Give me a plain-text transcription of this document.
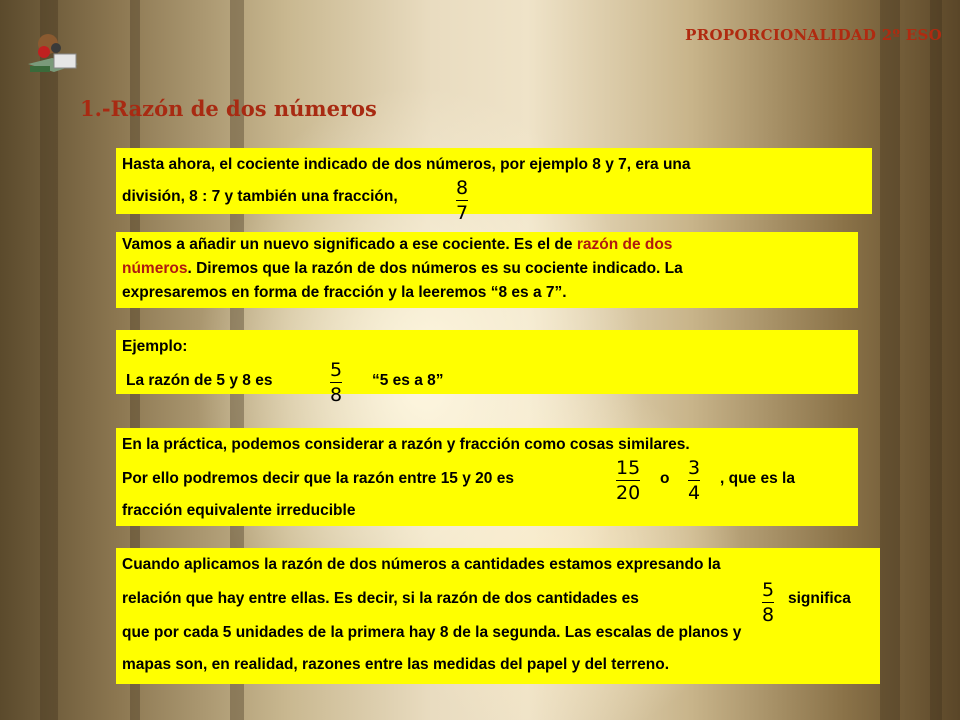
PROPORCIONALIDAD 2º ESO
1.-Razón de dos números
Hasta ahora, el cociente indicado de dos números, por ejemplo 8 y 7, era una
división, 8 : 7 y también una fracción,	8
7
Vamos a añadir un nuevo significado a ese cociente. Es el de razón de dos
números. Diremos que la razón de dos números es su cociente indicado. La
expresaremos en forma de fracción y la leeremos “8 es a 7”.
Ejemplo:
La razón de 5 y 8 es	5
8
“5 es a 8”
En la práctica, podemos considerar a razón y fracción como cosas similares.
Por ello podremos decir que la razón entre 15 y 20 es	15
20
o 3
4
, que es la
fracción equivalente irreducible
Cuando aplicamos la razón de dos números a cantidades estamos expresando la
relación que hay entre ellas. Es decir, si la razón de dos cantidades es	5
8
significa
que por cada 5 unidades de la primera hay 8 de la segunda. Las escalas de planos y
mapas son, en realidad, razones entre las medidas del papel y del terreno.
